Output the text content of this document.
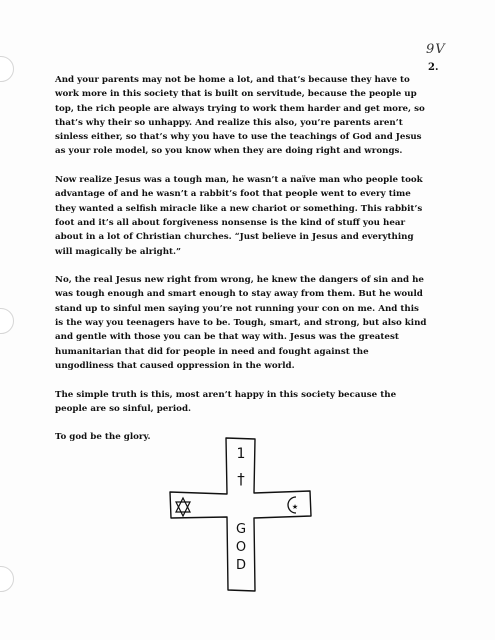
9V
2.

And your parents may not be home a lot, and that’s because they have to work more in this society that is built on servitude, because the people up top, the rich people are always trying to work them harder and get more, so that’s why their so unhappy. And realize this also, you’re parents aren’t sinless either, so that’s why you have to use the teachings of God and Jesus as your role model, so you know when they are doing right and wrongs.

Now realize Jesus was a tough man, he wasn’t a naïve man who people took advantage of and he wasn’t a rabbit’s foot that people went to every time they wanted a selfish miracle like a new chariot or something. This rabbit’s foot and it’s all about forgiveness nonsense is the kind of stuff you hear about in a lot of Christian churches. “Just believe in Jesus and everything will magically be alright.”

No, the real Jesus new right from wrong, he knew the dangers of sin and he was tough enough and smart enough to stay away from them. But he would stand up to sinful men saying you’re not running your con on me. And this is the way you teenagers have to be. Tough, smart, and strong, but also kind and gentle with those you can be that way with. Jesus was the greatest humanitarian that did for people in need and fought against the ungodliness that caused oppression in the world.

The simple truth is this, most aren’t happy in this society because the people are so sinful, period.

To god be the glory.

1
†
G
O
D
★
